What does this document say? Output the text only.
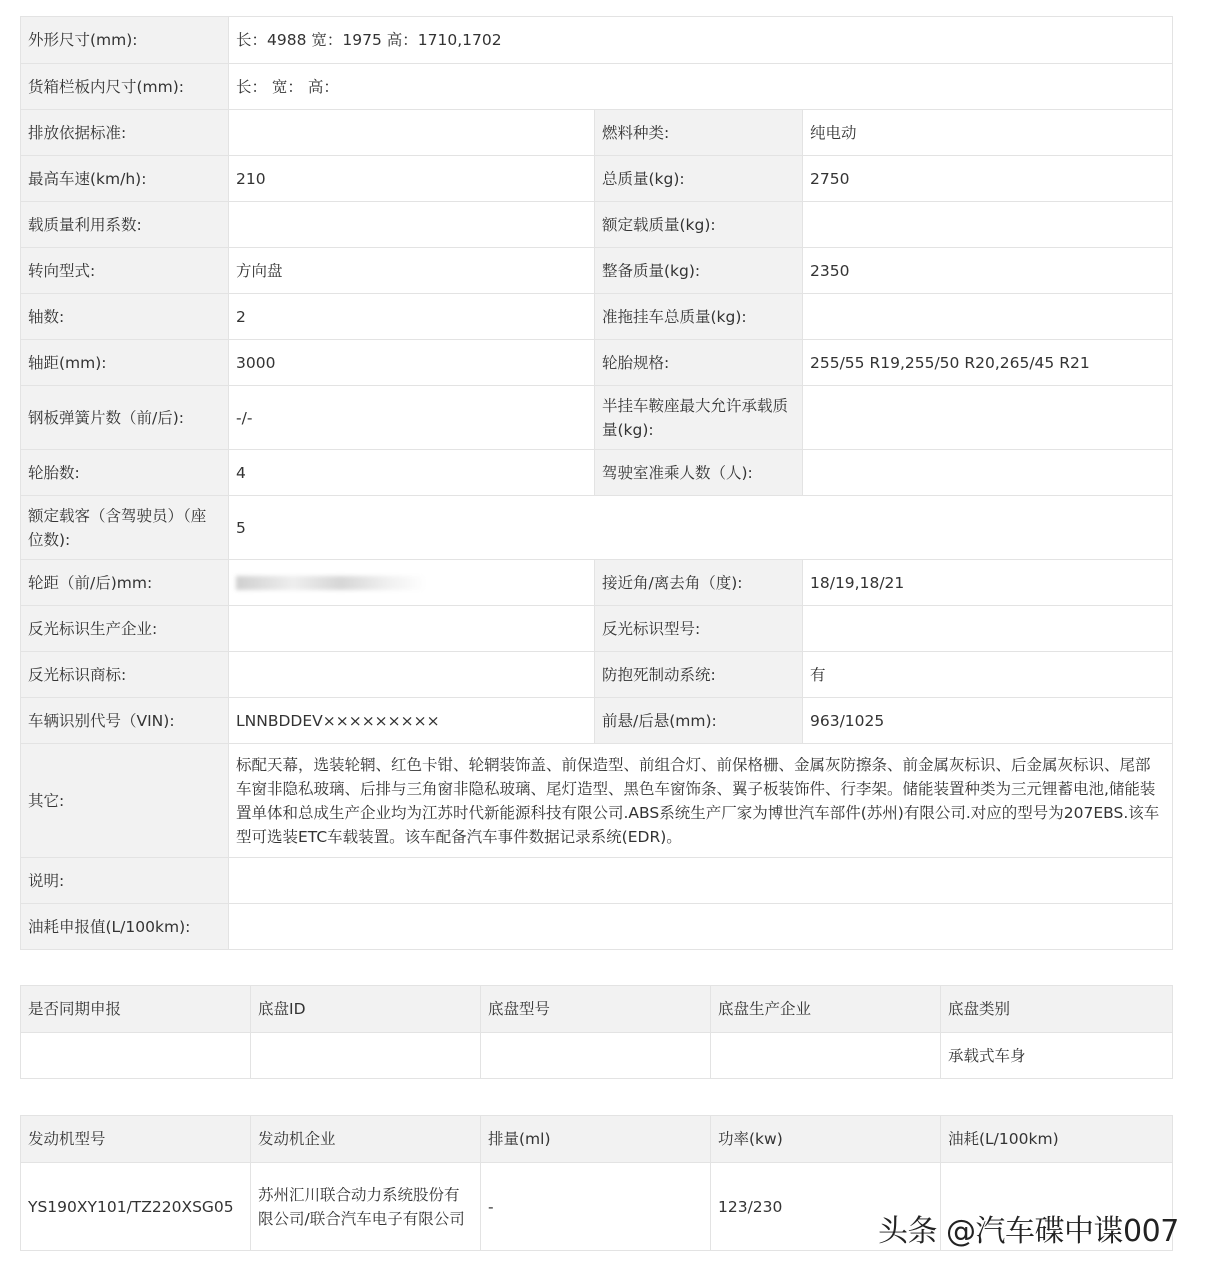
外形尺寸(mm):	长：4988 宽：1975 高：1710,1702		
货箱栏板内尺寸(mm):	长： 宽： 高：		
排放依据标准:		燃料种类:	纯电动
最高车速(km/h):	210	总质量(kg):	2750
载质量利用系数:		额定载质量(kg):	
转向型式:	方向盘	整备质量(kg):	2350
轴数:	2	准拖挂车总质量(kg):	
轴距(mm):	3000	轮胎规格:	255/55 R19,255/50 R20,265/45 R21
钢板弹簧片数（前/后):	-/-	半挂车鞍座最大允许承载质量(kg):	
轮胎数:	4	驾驶室准乘人数（人):	
额定载客（含驾驶员）（座位数):	5		
轮距（前/后)mm:		接近角/离去角（度):	18/19,18/21
反光标识生产企业:		反光标识型号:	
反光标识商标:		防抱死制动系统:	有
车辆识别代号（VIN):	LNNBDDEV×××××××××	前悬/后悬(mm):	963/1025
其它:	标配天幕，选装轮辋、红色卡钳、轮辋装饰盖、前保造型、前组合灯、前保格栅、金属灰防擦条、前金属灰标识、后金属灰标识、尾部车窗非隐私玻璃、后排与三角窗非隐私玻璃、尾灯造型、黑色车窗饰条、翼子板装饰件、行李架。储能装置种类为三元锂蓄电池,储能装置单体和总成生产企业均为江苏时代新能源科技有限公司.ABS系统生产厂家为博世汽车部件(苏州)有限公司.对应的型号为207EBS.该车型可选装ETC车载装置。该车配备汽车事件数据记录系统(EDR)。		
说明:			
油耗申报值(L/100km):			
是否同期申报	底盘ID	底盘型号	底盘生产企业	底盘类别
				承载式车身
发动机型号	发动机企业	排量(ml)	功率(kw)	油耗(L/100km)
YS190XY101/TZ220XSG05	苏州汇川联合动力系统股份有限公司/联合汽车电子有限公司	-	123/230	
头条 @汽车碟中谍007
